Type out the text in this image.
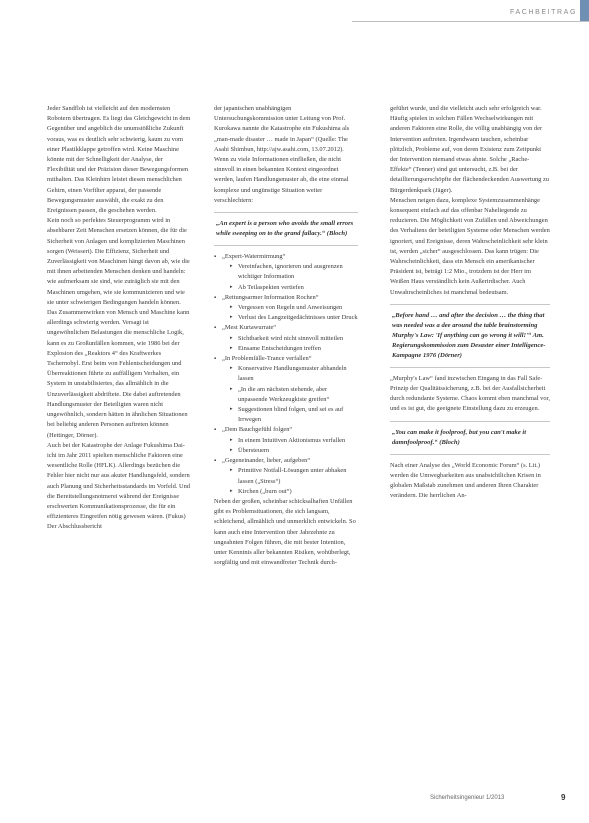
FACHBEITRAG

Jeder Sandfloh ist vielleicht auf den modernsten Robotern übertragen. Es liegt das Gleichgewicht in dem Gegenüber und angeblich die unumstößliche Zukunft voraus, was es deutlich sehr schwierig, kaum zu vom einer Plastikklappe getroffen wird. Keine Maschine könnte mit der Schnelligkeit der Analyse, der Flexibilität und der Präzision dieser Bewegungsformen mithalten. Das Kleinhirn leistet diesen menschlichen Gehirn, einen Vorfilter apparat, der passende Bewegungsmuster auswählt, die exakt zu den Ereignissen passen, die geschehen werden.

Kein noch so perfektes Steuerprogramm wird in absehbarer Zeit Menschen ersetzen können, die für die Sicherheit von Anlagen und komplizierten Maschinen sorgen (Weissert). Die Effizienz, Sicherheit und Zuverlässigkeit von Maschinen hängt davon ab, wie die mit ihnen arbeitenden Menschen denken und handeln: wie aufmerksam sie sind, wie zuträglich sie mit den Maschinen umgehen, wie sie kommunizieren und wie sie unter schwierigen Bedingungen handeln können.

Das Zusammenwirken von Mensch und Maschine kann allerdings schwierig werden. Versagt ist ungewöhnlichen Belastungen die menschliche Logik, kann es zu Großunfällen kommen, wie 1986 bei der Explosion des „Reaktors 4“ des Kraftwerkes Tschernobyl. Erst beim von Fehlentscheidungen und Überreaktionen führte zu auffälligem Verhalten, ein System in unstabilisiertes, das allmählich in die Unzuverlässigkeit abdriftete. Die dabei auftretenden Handlungsmuster der Beteiligten waren nicht ungewöhnlich, sondern hätten in ähnlichen Situationen bei beliebig anderen Personen auftreten können (Hettinger, Dörner).

Auch bei der Katastrophe der Anlage Fukushima Dai-ichi im Jahr 2011 spielten menschliche Faktoren eine wesentliche Rolle (HFLK). Allerdings bezüchen die Fehler hier nicht nur aus akuter Handlungsfeld, sondern auch Planung und Sicherheitsstandards im Vorfeld. Und die Bereitstellungsnotmerei während der Ereignisse erschwerten Kommunikationsprozesse, die für ein effizienteres Eingreifen nötig gewesen wären. (Fukus) Der Abschlussbericht

der japanischen unabhängigen Untersuchungskommission unter Leitung von Prof. Kurokawa nannte die Katastrophe ein Fukushima als „man-made disaster … made in Japan“ (Quelle: The Asahi Shimbun, http://ajw.asahi.com, 13.07.2012).

Wenn zu viele Informationen einfließen, die nicht sinnvoll in einen bekannten Kontext eingeordnet werden, laufen Handlungsmuster ab, die eine einmal komplexe und ungünstige Situation weiter verschlechtern:

„An expert is a person who avoids the small errors while sweeping on to the grand fallacy.“ (Bloch)
▪ „Expert-Watermirmung“
▸ Vereinfachen, ignorieren und ausgrenzen wichtiger Information
▸ Ab Teilaspekten vertiefen
▪ „Rettungsarmer Information Rochen“
▸ Vergessen von Regeln und Anweisungen
▸ Verlust des Langzeitgedächtnisses unter Druck
▪ „Mest Kurtawurrate“
▸ Sichtbarkeit wird nicht sinnvoll mitteilen
▸ Einsame Entscheidungen treffen
▪ „In Problemfälle-Trance verfallen“
▸ Konservative Handlungsmuster abhandeln lassen
▸ „In die am nächsten stehende, aber unpassende Werkzeugkiste greifen“
▸ Suggestionen blind folgen, und sei es auf Irrwegen
▪ „Dem Bauchgefühl folgen“
▸ In einem Intuitiven Aktionismus verfallen
▸ Übersteuern
▪ „Gegeneinander, lieber, aufgeben“
▸ Primitive Notfall-Lösungen unter abhaken lassen („Stress“)
▸ Kirchen („burn out“)

Neben der großen, scheinbar schicksalhaften Unfällen gibt es Problemsituationen, die sich langsam, schleichend, allmählich und unmerklich entwickeln. So kann auch eine Intervention über Jahrzehnte zu ungeahnten Folgen führen, die mit bester Intention, unter Kenntnis aller bekannten Risiken, wohüberlegt, sorgfältig und mit einwandfreier Technik durch-

geführt wurde, und die vielleicht auch sehr erfolgreich war. Häufig spielen in solchen Fällen Wechselwirkungen mit anderen Faktoren eine Rolle, die völlig unabhängig von der Intervention auftreten. Irgendwann tauchen, scheinbar plötzlich, Probleme auf, von deren Existenz zum Zeitpunkt der Intervention niemand etwas ahnte. Solche „Rache-Effekte“ (Tenner) sind gut untersucht, z.B. bei der detaillierungserschöpfte der flächendeckenden Auswertung zu Bürgerdenkpark (Jäger).

Menschen neigen dazu, komplexe Systemzusammenhänge konsequent einfach auf das offenbar Naheliegende zu reduzieren. Die Möglichkeit von Zufällen und Abweichungen des Verhaltens der beteiligten Systeme oder Menschen werden ignoriert, und Ereignisse, deren Wahrscheinlichkeit sehr klein ist, werden „sicher“ ausgeschlossen. Das kann trügen: Die Wahrscheinlichkeit, dass ein Mensch ein amerikanischer Präsident ist, beträgt 1:2 Mio., trotzdem ist der Herr im Weißen Haus verständlich kein Außerirdischer. Auch Unwahrscheinliches ist manchmal bedeutsam.

„Before hand … and after the decision … the thing that was needed was a dee around the table brainstorming Murphy's Law: 'If anything can go wrong it will!'“ Am. Regierungskommission zum Desaster einer Intelligence-Kampagne 1976 (Dörner)

„Murphy's Law“ fand inzwischen Eingang in das Fall Safe-Prinzip der Qualitätssicherung, z.B. bei der Ausfallsicherheit durch redundante Systeme. Chaos kommt eben manchmal vor, und es ist gut, die geeignete Einstellung dazu zu erzeugen.

„You can make it foolproof, but you can't make it damnfoolproof.“ (Bloch)

Nach einer Analyse des „World Economic Forum“ (s. Lit.) werden die Umwegbarkeiten aus unabsichtlichen Krisen in globalen Maßstab zunehmen und anderen Ihren Charakter verändern. Die herrlichen An-

Sicherheitsingenieur 1/2013	9
